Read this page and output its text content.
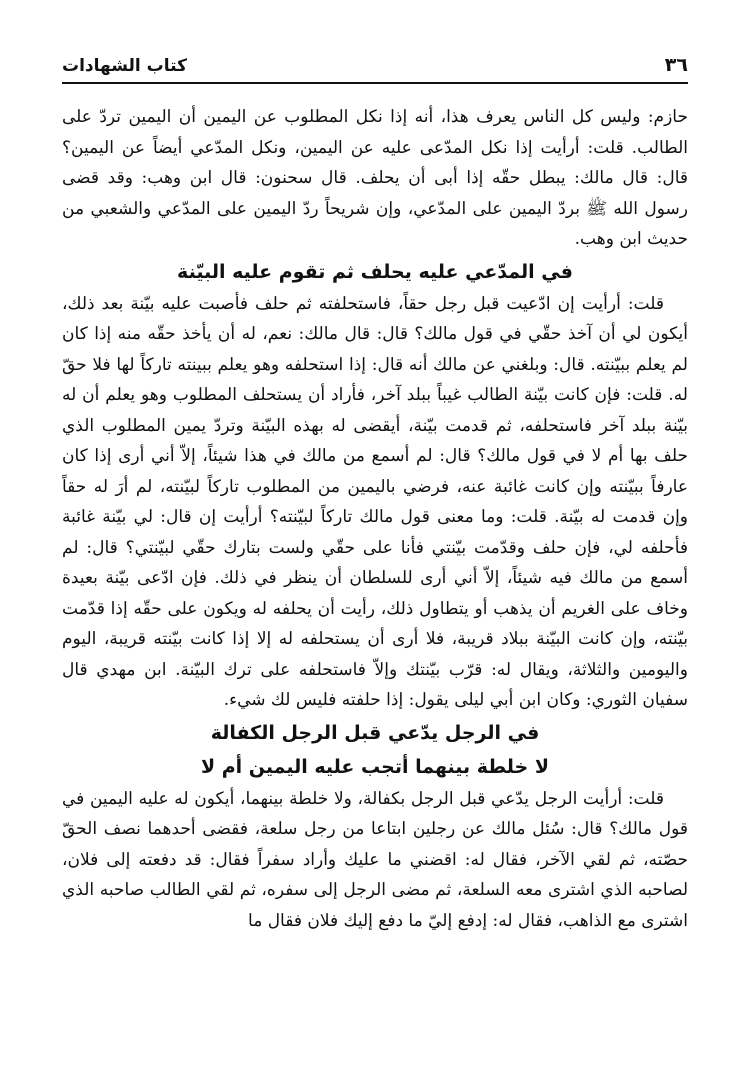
٣٦
كتاب الشهادات

حازم: وليس كل الناس يعرف هذا، أنه إذا نكل المطلوب عن اليمين أن اليمين تردّ على الطالب. قلت: أرأيت إذا نكل المدّعى عليه عن اليمين، ونكل المدّعي أيضاً عن اليمين؟ قال: قال مالك: يبطل حقّه إذا أبى أن يحلف. قال سحنون: قال ابن وهب: وقد قضى رسول الله ﷺ بردّ اليمين على المدّعي، وإن شريحاً ردّ اليمين على المدّعي والشعبي من حديث ابن وهب.

في المدّعي عليه يحلف ثم تقوم عليه البيّنة

قلت: أرأيت إن ادّعيت قبل رجل حقاً، فاستحلفته ثم حلف فأصبت عليه بيّنة بعد ذلك، أيكون لي أن آخذ حقّي في قول مالك؟ قال: قال مالك: نعم، له أن يأخذ حقّه منه إذا كان لم يعلم ببيّنته. قال: وبلغني عن مالك أنه قال: إذا استحلفه وهو يعلم ببينته تاركاً لها فلا حقّ له. قلت: فإن كانت بيّنة الطالب غيباً ببلد آخر، فأراد أن يستحلف المطلوب وهو يعلم أن له بيّنة ببلد آخر فاستحلفه، ثم قدمت بيّنة، أيقضى له بهذه البيّنة وتردّ يمين المطلوب الذي حلف بها أم لا في قول مالك؟ قال: لم أسمع من مالك في هذا شيئاً، إلاّ أني أرى إذا كان عارفاً ببيّنته وإن كانت غائبة عنه، فرضي باليمين من المطلوب تاركاً لبيّنته، لم أرَ له حقاً وإن قدمت له بيّنة. قلت: وما معنى قول مالك تاركاً لبيّنته؟ أرأيت إن قال: لي بيّنة غائبة فأحلفه لي، فإن حلف وقدّمت بيّنتي فأنا على حقّي ولست بتارك حقّي لبيّنتي؟ قال: لم أسمع من مالك فيه شيئاً، إلاّ أني أرى للسلطان أن ينظر في ذلك. فإن ادّعى بيّنة بعيدة وخاف على الغريم أن يذهب أو يتطاول ذلك، رأيت أن يحلفه له ويكون على حقّه إذا قدّمت بيّنته، وإن كانت البيّنة ببلاد قريبة، فلا أرى أن يستحلفه له إلا إذا كانت بيّنته قريبة، اليوم واليومين والثلاثة، ويقال له: قرّب بيّنتك وإلاّ فاستحلفه على ترك البيّنة. ابن مهدي قال سفيان الثوري: وكان ابن أبي ليلى يقول: إذا حلفته فليس لك شيء.

في الرجل يدّعي قبل الرجل الكفالة
لا خلطة بينهما أتجب عليه اليمين أم لا

قلت: أرأيت الرجل يدّعي قبل الرجل بكفالة، ولا خلطة بينهما، أيكون له عليه اليمين في قول مالك؟ قال: سُئل مالك عن رجلين ابتاعا من رجل سلعة، فقضى أحدهما نصف الحقّ حصّته، ثم لقي الآخر، فقال له: اقضني ما عليك وأراد سفراً فقال: قد دفعته إلى فلان، لصاحبه الذي اشترى معه السلعة، ثم مضى الرجل إلى سفره، ثم لقي الطالب صاحبه الذي اشترى مع الذاهب، فقال له: إدفع إليّ ما دفع إليك فلان فقال ما
